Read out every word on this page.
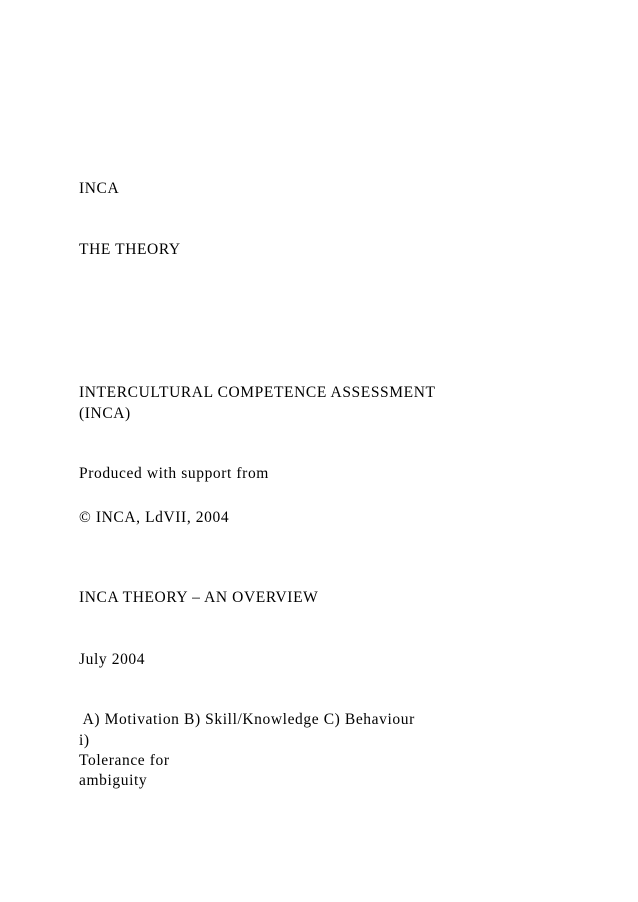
INCA
THE THEORY
INTERCULTURAL COMPETENCE ASSESSMENT
(INCA)
Produced with support from
© INCA, LdVII, 2004
INCA THEORY – AN OVERVIEW
July 2004
A) Motivation B) Skill/Knowledge C) Behaviour
i)
Tolerance for
ambiguity
